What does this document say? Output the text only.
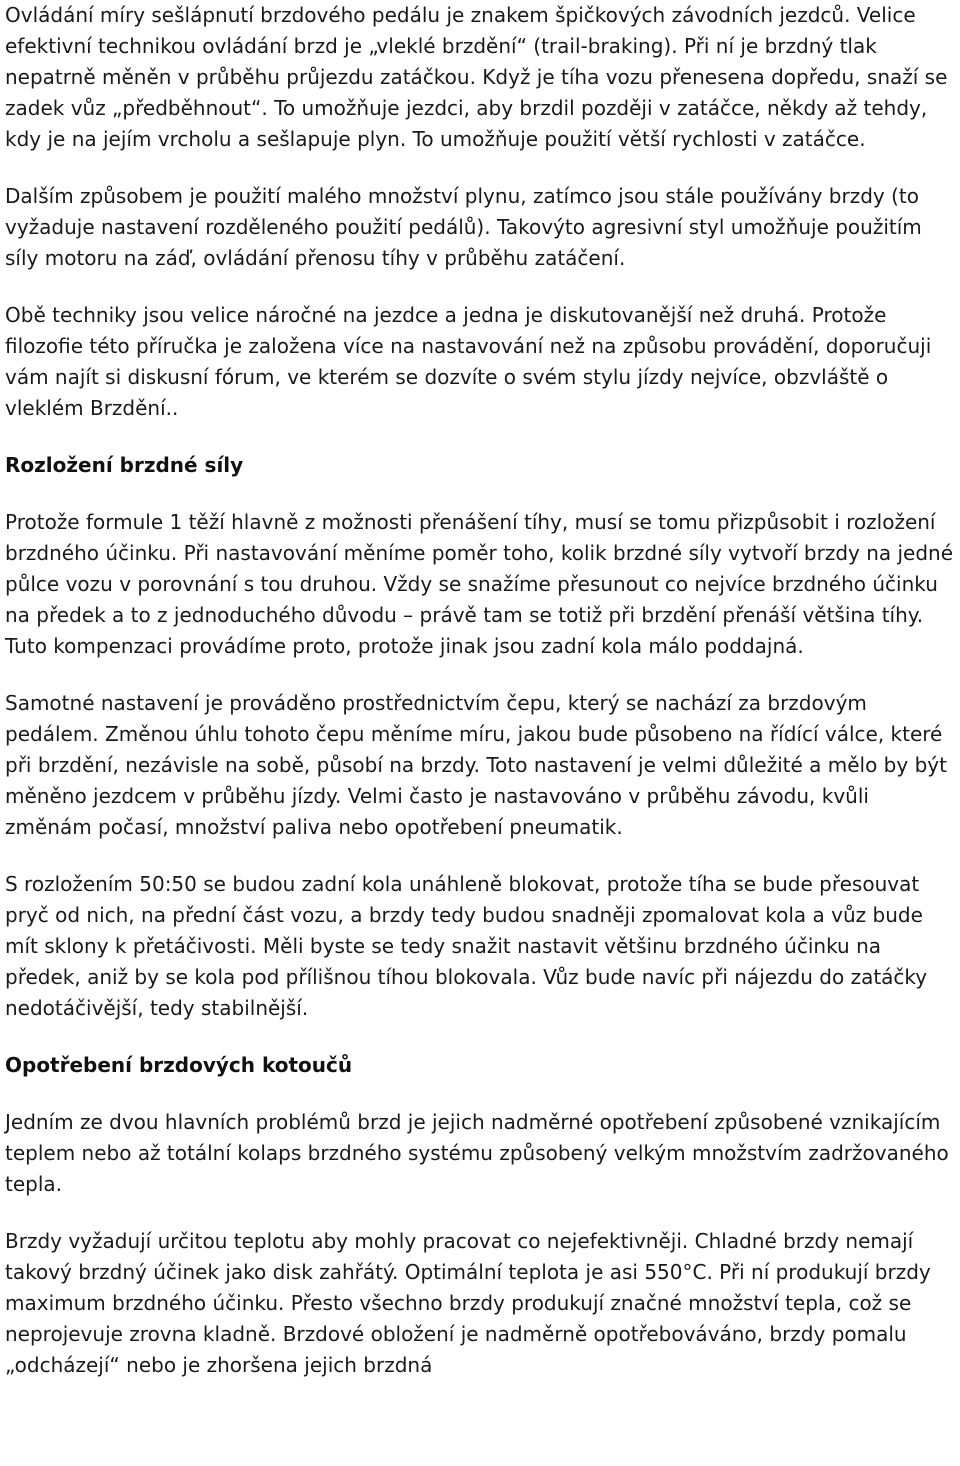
Ovládání míry sešlápnutí brzdového pedálu je znakem špičkových závodních jezdců. Velice efektivní technikou ovládání brzd je „vleklé brzdění“ (trail-braking). Při ní je brzdný tlak nepatrně měněn v průběhu průjezdu zatáčkou. Když je tíha vozu přenesena dopředu, snaží se zadek vůz „předběhnout“. To umožňuje jezdci, aby brzdil později v zatáčce, někdy až tehdy, kdy je na jejím vrcholu a sešlapuje plyn. To umožňuje použití větší rychlosti v zatáčce.

Dalším způsobem je použití malého množství plynu, zatímco jsou stále používány brzdy (to vyžaduje nastavení rozděleného použití pedálů). Takovýto agresivní styl umožňuje použitím síly motoru na záď, ovládání přenosu tíhy v průběhu zatáčení.

Obě techniky jsou velice náročné na jezdce a jedna je diskutovanější než druhá. Protože filozofie této příručka je založena více na nastavování než na způsobu provádění, doporučuji vám najít si diskusní fórum, ve kterém se dozvíte o svém stylu jízdy nejvíce, obzvláště o vleklém Brzdění..

Rozložení brzdné síly

Protože formule 1 těží hlavně z možnosti přenášení tíhy, musí se tomu přizpůsobit i rozložení brzdného účinku. Při nastavování měníme poměr toho, kolik brzdné síly vytvoří brzdy na jedné půlce vozu v porovnání s tou druhou. Vždy se snažíme přesunout co nejvíce brzdného účinku na předek a to z jednoduchého důvodu – právě tam se totiž při brzdění přenáší většina tíhy. Tuto kompenzaci provádíme proto, protože jinak jsou zadní kola málo poddajná.

Samotné nastavení je prováděno prostřednictvím čepu, který se nachází za brzdovým pedálem. Změnou úhlu tohoto čepu měníme míru, jakou bude působeno na řídící válce, které při brzdění, nezávisle na sobě, působí na brzdy. Toto nastavení je velmi důležité a mělo by být měněno jezdcem v průběhu jízdy. Velmi často je nastavováno v průběhu závodu, kvůli změnám počasí, množství paliva nebo opotřebení pneumatik.

S rozložením 50:50 se budou zadní kola unáhleně blokovat, protože tíha se bude přesouvat pryč od nich, na přední část vozu, a brzdy tedy budou snadněji zpomalovat kola a vůz bude mít sklony k přetáčivosti. Měli byste se tedy snažit nastavit většinu brzdného účinku na předek, aniž by se kola pod přílišnou tíhou blokovala. Vůz bude navíc při nájezdu do zatáčky nedotáčivější, tedy stabilnější.

Opotřebení brzdových kotoučů

Jedním ze dvou hlavních problémů brzd je jejich nadměrné opotřebení způsobené vznikajícím teplem nebo až totální kolaps brzdného systému způsobený velkým množstvím zadržovaného tepla.

Brzdy vyžadují určitou teplotu aby mohly pracovat co nejefektivněji. Chladné brzdy nemají takový brzdný účinek jako disk zahřátý. Optimální teplota je asi 550°C. Při ní produkují brzdy maximum brzdného účinku. Přesto všechno brzdy produkují značné množství tepla, což se neprojevuje zrovna kladně. Brzdové obložení je nadměrně opotřebováváno, brzdy pomalu „odcházejí“ nebo je zhoršena jejich brzdná
